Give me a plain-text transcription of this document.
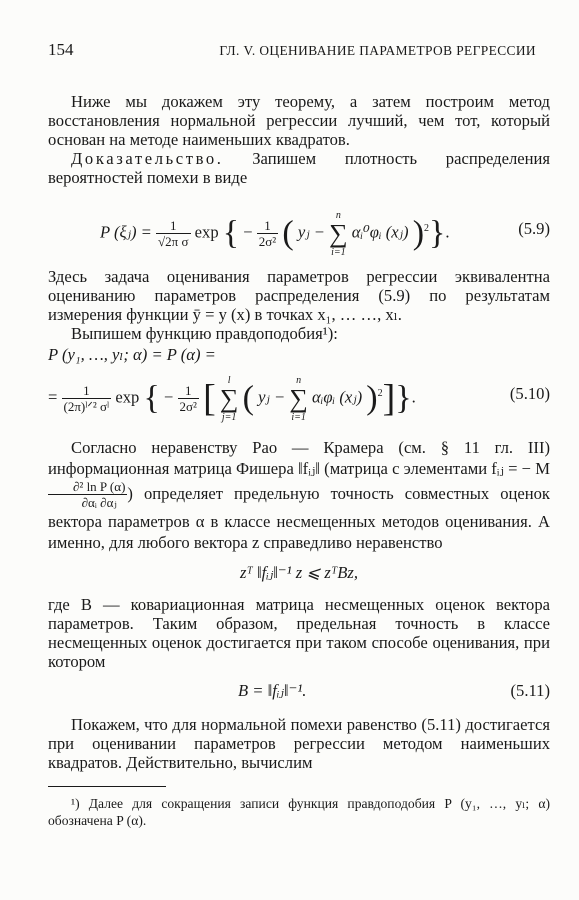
154	ГЛ. V. ОЦЕНИВАНИЕ ПАРАМЕТРОВ РЕГРЕССИИ

Ниже мы докажем эту теорему, а затем построим метод восстановления нормальной регрессии лучший, чем тот, который основан на методе наименьших квадратов.

Доказательство. Запишем плотность распределения вероятностей помехи в виде

P (ξⱼ) = $\frac{1}{\text{√2π σ}}$ exp { − $\frac{1}{\text{2σ²}}$ ( yⱼ −
n
∑
i=1
αᵢ⁰φᵢ (xⱼ) )$^2$}.	(5.9)

Здесь задача оценивания параметров регрессии эквивалентна оцениванию параметров распределения (5.9) по результатам измерения функции ȳ = y (x) в точках x₁, … …, xₗ.

Выпишем функцию правдоподобия¹):

P (y₁, …, yₗ; α) = P (α) =
= $\frac{1}{\text{(2π)ˡᐟ² σˡ}}$ exp { − $\frac{1}{\text{2σ²}}$ [	l
∑
j=1
( yⱼ −
n
∑
i=1
αᵢφᵢ (xⱼ) )$^2$]}.	(5.10)

Согласно неравенству Рао — Крамера (см. § 11 гл. III) информационная матрица Фишера ‖fᵢⱼ‖ (матрица с элементами fᵢⱼ = − M
$\frac{\text{∂² ln P (α)}}{\text{∂αᵢ ∂αⱼ}}$ ) определяет предельную точность совместных оценок вектора параметров α в классе несмещенных методов оценивания. А именно, для любого вектора z справедливо неравенство

zᵀ ‖fᵢⱼ‖⁻¹ z ⩽ zᵀBz,

где B — ковариационная матрица несмещенных оценок вектора параметров. Таким образом, предельная точность в классе несмещенных оценок достигается при таком способе оценивания, при котором

B = ‖fᵢⱼ‖⁻¹.	(5.11)

Покажем, что для нормальной помехи равенство (5.11) достигается при оценивании параметров регрессии методом наименьших квадратов. Действительно, вычислим

¹) Далее для сокращения записи функция правдоподобия P (y₁, …, yₗ; α) обозначена P (α).
